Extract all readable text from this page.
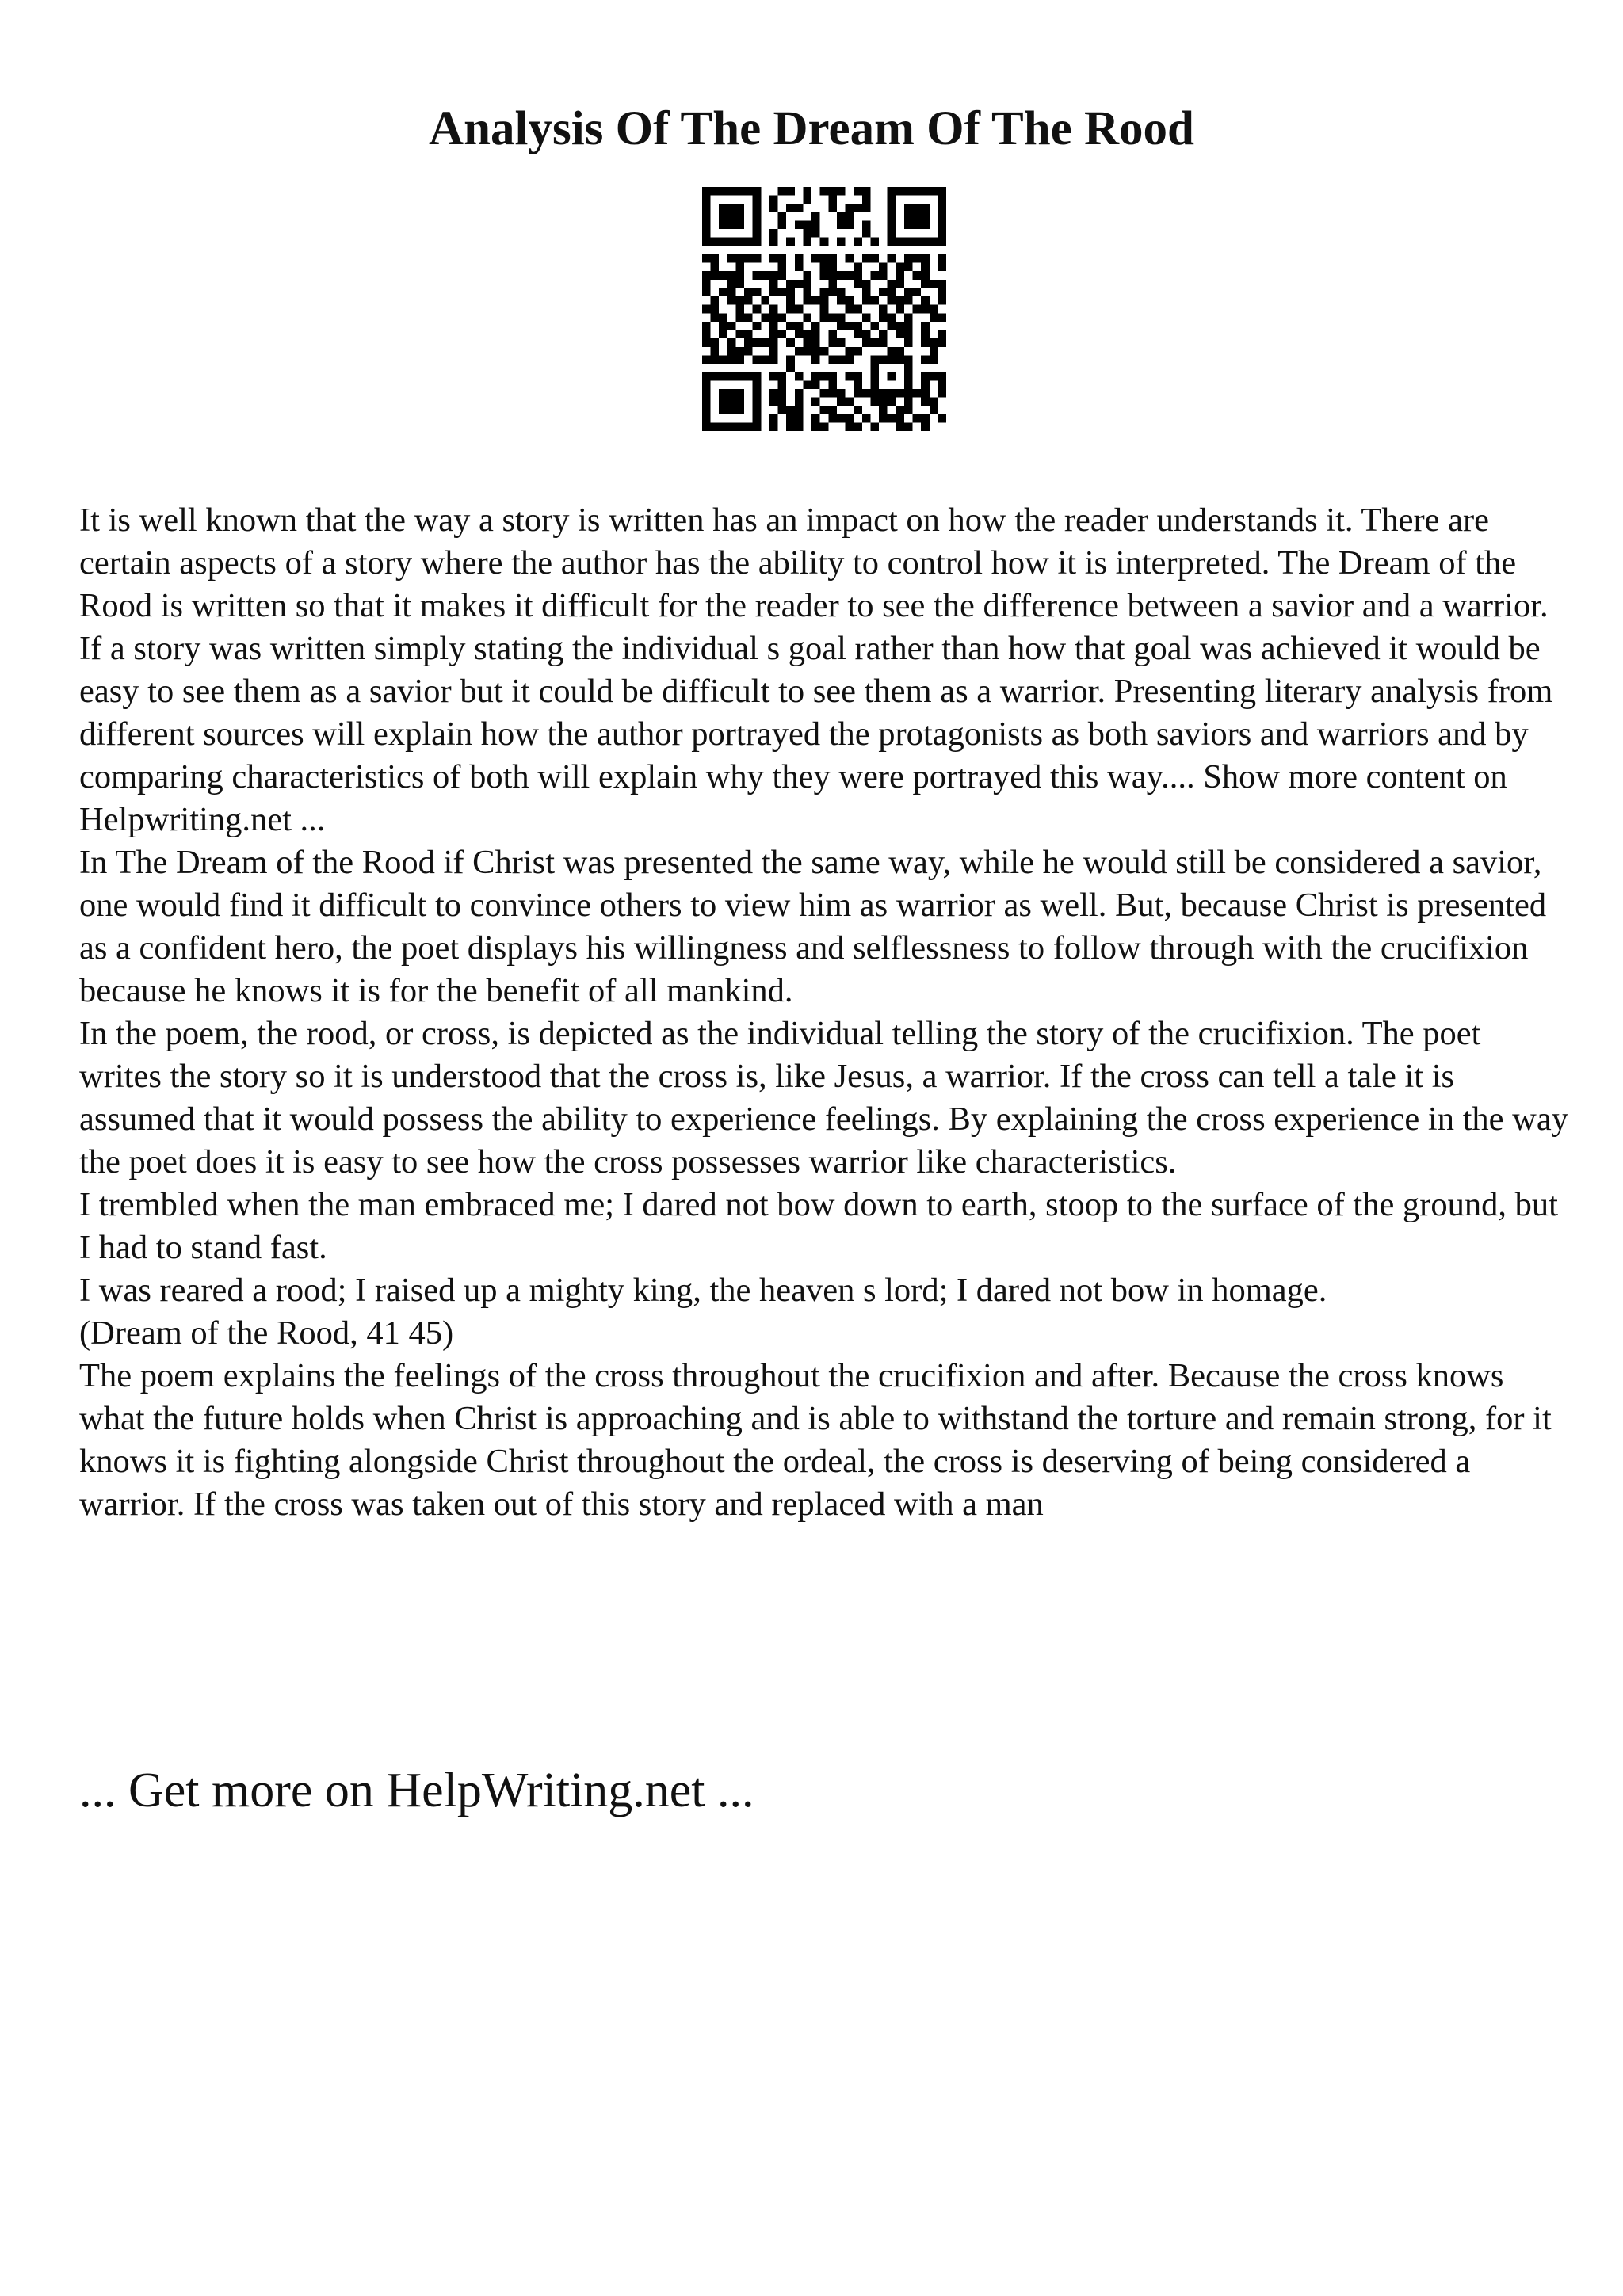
Analysis Of The Dream Of The Rood

It is well known that the way a story is written has an impact on how the reader understands it. There are certain aspects of a story where the author has the ability to control how it is interpreted. The Dream of the Rood is written so that it makes it difficult for the reader to see the difference between a savior and a warrior. If a story was written simply stating the individual s goal rather than how that goal was achieved it would be easy to see them as a savior but it could be difficult to see them as a warrior. Presenting literary analysis from different sources will explain how the author portrayed the protagonists as both saviors and warriors and by comparing characteristics of both will explain why they were portrayed this way.... Show more content on Helpwriting.net ...

In The Dream of the Rood if Christ was presented the same way, while he would still be considered a savior, one would find it difficult to convince others to view him as warrior as well. But, because Christ is presented as a confident hero, the poet displays his willingness and selflessness to follow through with the crucifixion because he knows it is for the benefit of all mankind.

In the poem, the rood, or cross, is depicted as the individual telling the story of the crucifixion. The poet writes the story so it is understood that the cross is, like Jesus, a warrior. If the cross can tell a tale it is assumed that it would possess the ability to experience feelings. By explaining the cross experience in the way the poet does it is easy to see how the cross possesses warrior like characteristics.

I trembled when the man embraced me; I dared not bow down to earth, stoop to the surface of the ground, but I had to stand fast.

I was reared a rood; I raised up a mighty king, the heaven s lord; I dared not bow in homage.

(Dream of the Rood, 41 45)

The poem explains the feelings of the cross throughout the crucifixion and after. Because the cross knows what the future holds when Christ is approaching and is able to withstand the torture and remain strong, for it knows it is fighting alongside Christ throughout the ordeal, the cross is deserving of being considered a warrior. If the cross was taken out of this story and replaced with a man

... Get more on HelpWriting.net ...
